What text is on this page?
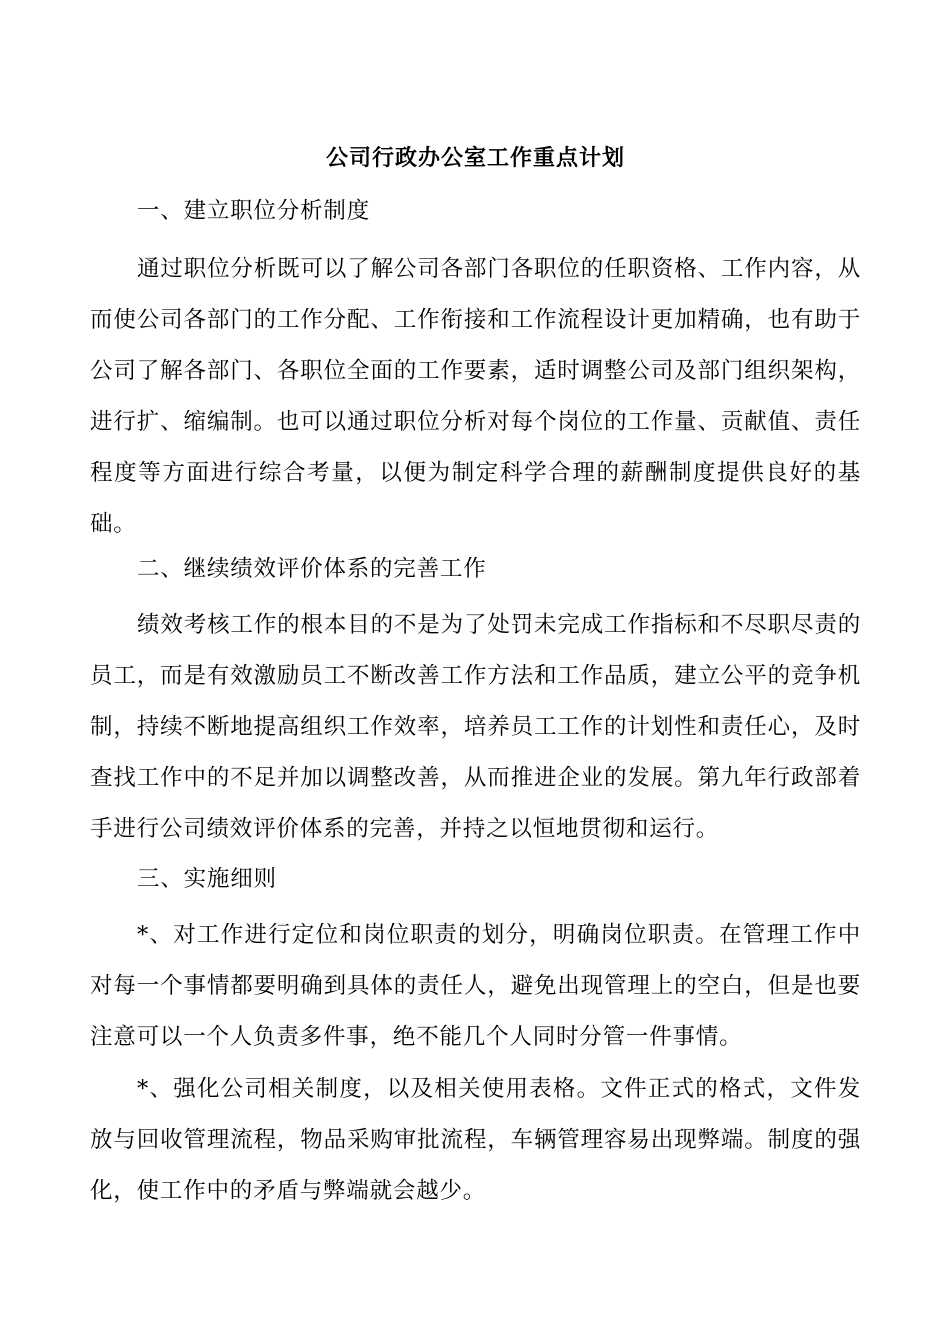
公司行政办公室工作重点计划

一、建立职位分析制度

通过职位分析既可以了解公司各部门各职位的任职资格、工作内容，从而使公司各部门的工作分配、工作衔接和工作流程设计更加精确，也有助于公司了解各部门、各职位全面的工作要素，适时调整公司及部门组织架构，进行扩、缩编制。也可以通过职位分析对每个岗位的工作量、贡献值、责任程度等方面进行综合考量，以便为制定科学合理的薪酬制度提供良好的基础。

二、继续绩效评价体系的完善工作

绩效考核工作的根本目的不是为了处罚未完成工作指标和不尽职尽责的员工，而是有效激励员工不断改善工作方法和工作品质，建立公平的竞争机制，持续不断地提高组织工作效率，培养员工工作的计划性和责任心，及时查找工作中的不足并加以调整改善，从而推进企业的发展。第九年行政部着手进行公司绩效评价体系的完善，并持之以恒地贯彻和运行。

三、实施细则

*、对工作进行定位和岗位职责的划分，明确岗位职责。在管理工作中对每一个事情都要明确到具体的责任人，避免出现管理上的空白，但是也要注意可以一个人负责多件事，绝不能几个人同时分管一件事情。

*、强化公司相关制度，以及相关使用表格。文件正式的格式，文件发放与回收管理流程，物品采购审批流程，车辆管理容易出现弊端。制度的强化，使工作中的矛盾与弊端就会越少。
